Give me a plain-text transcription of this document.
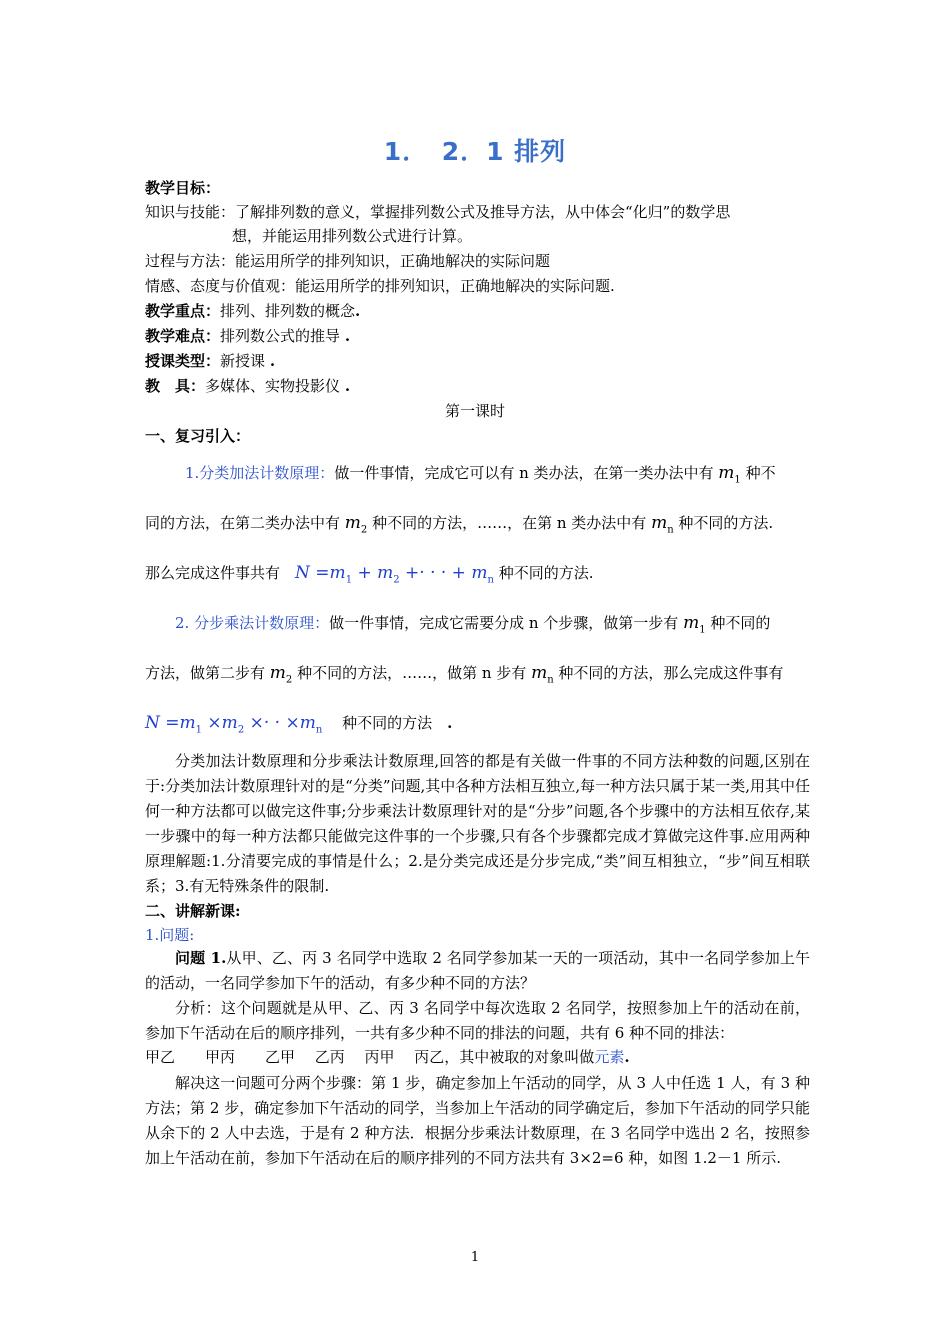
1．　2．1 排列
教学目标：
知识与技能：了解排列数的意义，掌握排列数公式及推导方法，从中体会“化归”的数学思
想，并能运用排列数公式进行计算。
过程与方法：能运用所学的排列知识，正确地解决的实际问题
情感、态度与价值观：能运用所学的排列知识，正确地解决的实际问题.
教学重点：排列、排列数的概念.
教学难点：排列数公式的推导 .
授课类型：新授课 .
教　具：多媒体、实物投影仪 .
第一课时
一、复习引入：
1.分类加法计数原理：做一件事情，完成它可以有 n 类办法，在第一类办法中有 $m_1$ 种不
同的方法，在第二类办法中有 $m_2$ 种不同的方法，……，在第 n 类办法中有 $m_n$ 种不同的方法.
那么完成这件事共有　 $N =m_1 + m_2$ +· · · + $m_n$ 种不同的方法.
2. 分步乘法计数原理：做一件事情，完成它需要分成 n 个步骤，做第一步有 $m_1$ 种不同的
方法，做第二步有 $m_2$ 种不同的方法，……，做第 n 步有 $m_n$ 种不同的方法，那么完成这件事有
$N =m_1 \times m_2$ ×· · $\times m_n$　 种不同的方法　 .
分类加法计数原理和分步乘法计数原理,回答的都是有关做一件事的不同方法种数的问题,区别在于:分类加法计数原理针对的是“分类”问题,其中各种方法相互独立,每一种方法只属于某一类,用其中任何一种方法都可以做完这件事;分步乘法计数原理针对的是“分步”问题,各个步骤中的方法相互依存,某一步骤中的每一种方法都只能做完这件事的一个步骤,只有各个步骤都完成才算做完这件事.应用两种原理解题:1.分清要完成的事情是什么；2.是分类完成还是分步完成,“类”间互相独立，“步”间互相联系；3.有无特殊条件的限制.
二、讲解新课:
1.问题:
问题 1.从甲、乙、丙 3 名同学中选取 2 名同学参加某一天的一项活动，其中一名同学参加上午的活动，一名同学参加下午的活动，有多少种不同的方法？
分析：这个问题就是从甲、乙、丙 3 名同学中每次选取 2 名同学，按照参加上午的活动在前，参加下午活动在后的顺序排列，一共有多少种不同的排法的问题，共有 6 种不同的排法：
甲乙　　甲丙　　乙甲　 乙丙　 丙甲　 丙乙，其中被取的对象叫做元素.
解决这一问题可分两个步骤：第 1 步，确定参加上午活动的同学，从 3 人中任选 1 人，有 3 种方法；第 2 步，确定参加下午活动的同学，当参加上午活动的同学确定后，参加下午活动的同学只能从余下的 2 人中去选，于是有 2 种方法．根据分步乘法计数原理，在 3 名同学中选出 2 名，按照参加上午活动在前，参加下午活动在后的顺序排列的不同方法共有 3×2=6 种，如图 1.2－1 所示.
1
